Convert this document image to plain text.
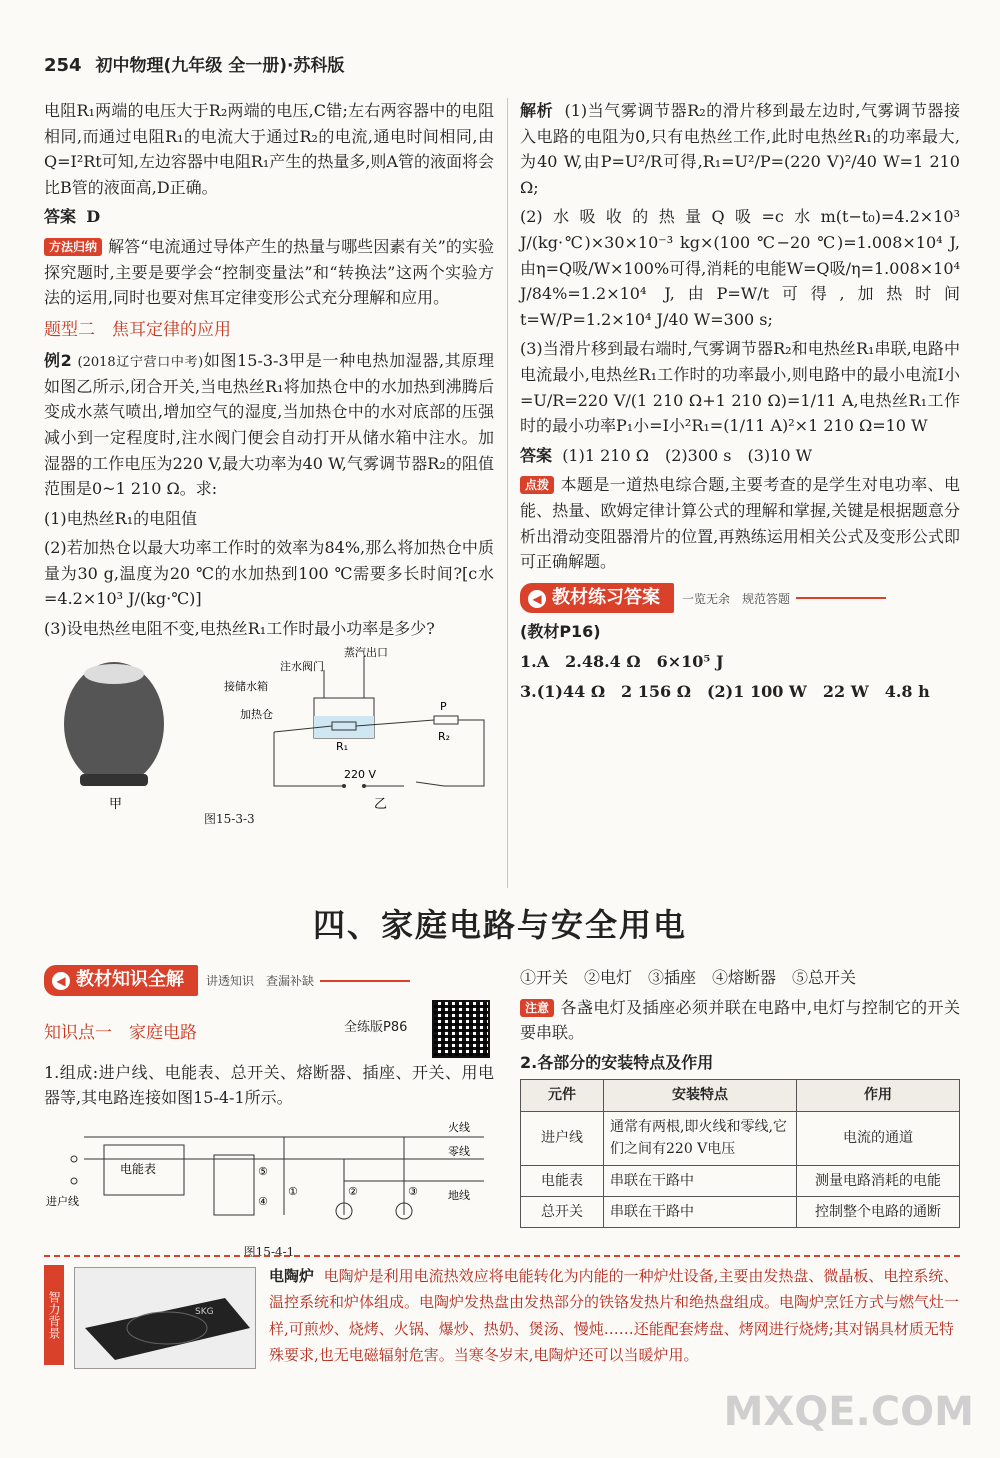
254 初中物理(九年级 全一册)·苏科版

电阻R₁两端的电压大于R₂两端的电压,C错;左右两容器中的电阻相同,而通过电阻R₁的电流大于通过R₂的电流,通电时间相同,由Q=I²Rt可知,左边容器中电阻R₁产生的热量多,则A管的液面将会比B管的液面高,D正确。

答案 D

方法归纳 解答“电流通过导体产生的热量与哪些因素有关”的实验探究题时,主要是要学会“控制变量法”和“转换法”这两个实验方法的运用,同时也要对焦耳定律变形公式充分理解和应用。

题型二　焦耳定律的应用

例2 (2018辽宁营口中考)如图15-3-3甲是一种电热加湿器,其原理如图乙所示,闭合开关,当电热丝R₁将加热仓中的水加热到沸腾后变成水蒸气喷出,增加空气的湿度,当加热仓中的水对底部的压强减小到一定程度时,注水阀门便会自动打开从储水箱中注水。加湿器的工作电压为220 V,最大功率为40 W,气雾调节器R₂的阻值范围是0~1 210 Ω。求:

(1)电热丝R₁的电阻值

(2)若加热仓以最大功率工作时的效率为84%,那么将加热仓中质量为30 g,温度为20 ℃的水加热到100 ℃需要多长时间?[c水=4.2×10³ J/(kg·℃)]

(3)设电热丝电阻不变,电热丝R₁工作时最小功率是多少?

甲
220 V
R₁
R₂
P
注水阀门
蒸汽出口
接储水箱
加热仓
乙
图15-3-3

解析 (1)当气雾调节器R₂的滑片移到最左边时,气雾调节器接入电路的电阻为0,只有电热丝工作,此时电热丝R₁的功率最大,为40 W,由P=U²/R可得,R₁=U²/P=(220 V)²/40 W=1 210 Ω;

(2)水吸收的热量Q吸=c水m(t−t₀)=4.2×10³ J/(kg·℃)×30×10⁻³ kg×(100 ℃−20 ℃)=1.008×10⁴ J,由η=Q吸/W×100%可得,消耗的电能W=Q吸/η=1.008×10⁴ J/84%=1.2×10⁴ J,由P=W/t可得,加热时间t=W/P=1.2×10⁴ J/40 W=300 s;

(3)当滑片移到最右端时,气雾调节器R₂和电热丝R₁串联,电路中电流最小,电热丝R₁工作时的功率最小,则电路中的最小电流I小=U/R=220 V/(1 210 Ω+1 210 Ω)=1/11 A,电热丝R₁工作时的最小功率P₁小=I小²R₁=(1/11 A)²×1 210 Ω=10 W

答案 (1)1 210 Ω　(2)300 s　(3)10 W

点拨 本题是一道热电综合题,主要考查的是学生对电功率、电能、热量、欧姆定律计算公式的理解和掌握,关键是根据题意分析出滑动变阻器滑片的位置,再熟练运用相关公式及变形公式即可正确解题。

◀ 教材练习答案 一览无余　规范答题

(教材P16)

1.A　2.48.4 Ω　6×10⁵ J

3.(1)44 Ω　2 156 Ω　(2)1 100 W　22 W　4.8 h

四、家庭电路与安全用电
◀ 教材知识全解 讲透知识　查漏补缺
知识点一　家庭电路	全练版P86

1.组成:进户线、电能表、总开关、熔断器、插座、开关、用电器等,其电路连接如图15-4-1所示。

电能表
进户线
火线
零线
地线
①	②	③
④
⑤
图15-4-1

①开关　②电灯　③插座　④熔断器　⑤总开关

注意 各盏电灯及插座必须并联在电路中,电灯与控制它的开关要串联。

2.各部分的安装特点及作用

元件	安装特点	作用
进户线	通常有两根,即火线和零线,它们之间有220 V电压	电流的通道
电能表	串联在干路中	测量电路消耗的电能
总开关	串联在干路中	控制整个电路的通断
智力背景	SKG
电陶炉 电陶炉是利用电流热效应将电能转化为内能的一种炉灶设备,主要由发热盘、微晶板、电控系统、温控系统和炉体组成。电陶炉发热盘由发热部分的铁铬发热片和绝热盘组成。电陶炉烹饪方式与燃气灶一样,可煎炒、烧烤、火锅、爆炒、热奶、煲汤、慢炖……还能配套烤盘、烤网进行烧烤;其对锅具材质无特殊要求,也无电磁辐射危害。当寒冬岁末,电陶炉还可以当暖炉用。
MXQE.COM
